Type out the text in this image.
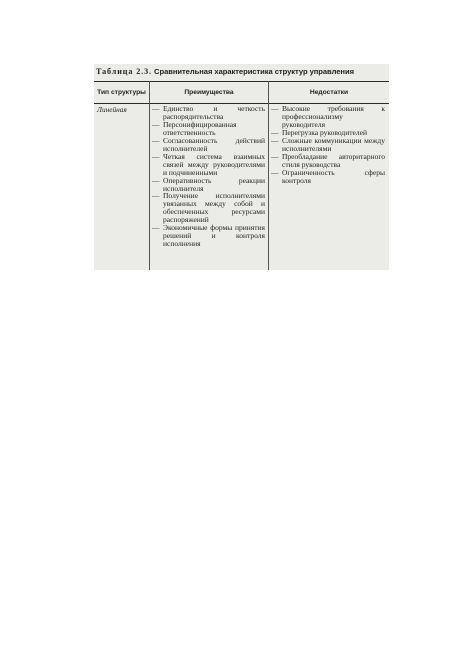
Таблица 2.3. Сравнительная характеристика структур управления
Тип структуры	Преимущества	Недостатки
Линейная
—	Единство и четкость распорядительства
— Персонифицированная ответственность
— Согласованность действий исполнителей
— Четкая система взаимных связей между руководителями и подчиненными
— Оперативность реакции исполнителя
— Получение исполнителями увязанных между собой и обеспеченных ресурсами распоряжений
— Экономичные формы принятия решений и контроля исполнения
— Высокие требования к профессионализму руководителя
— Перегрузка руководителей
— Сложные коммуникации между исполнителями
— Преобладание авторитарного стиля руководства
— Ограниченность сферы контроля
